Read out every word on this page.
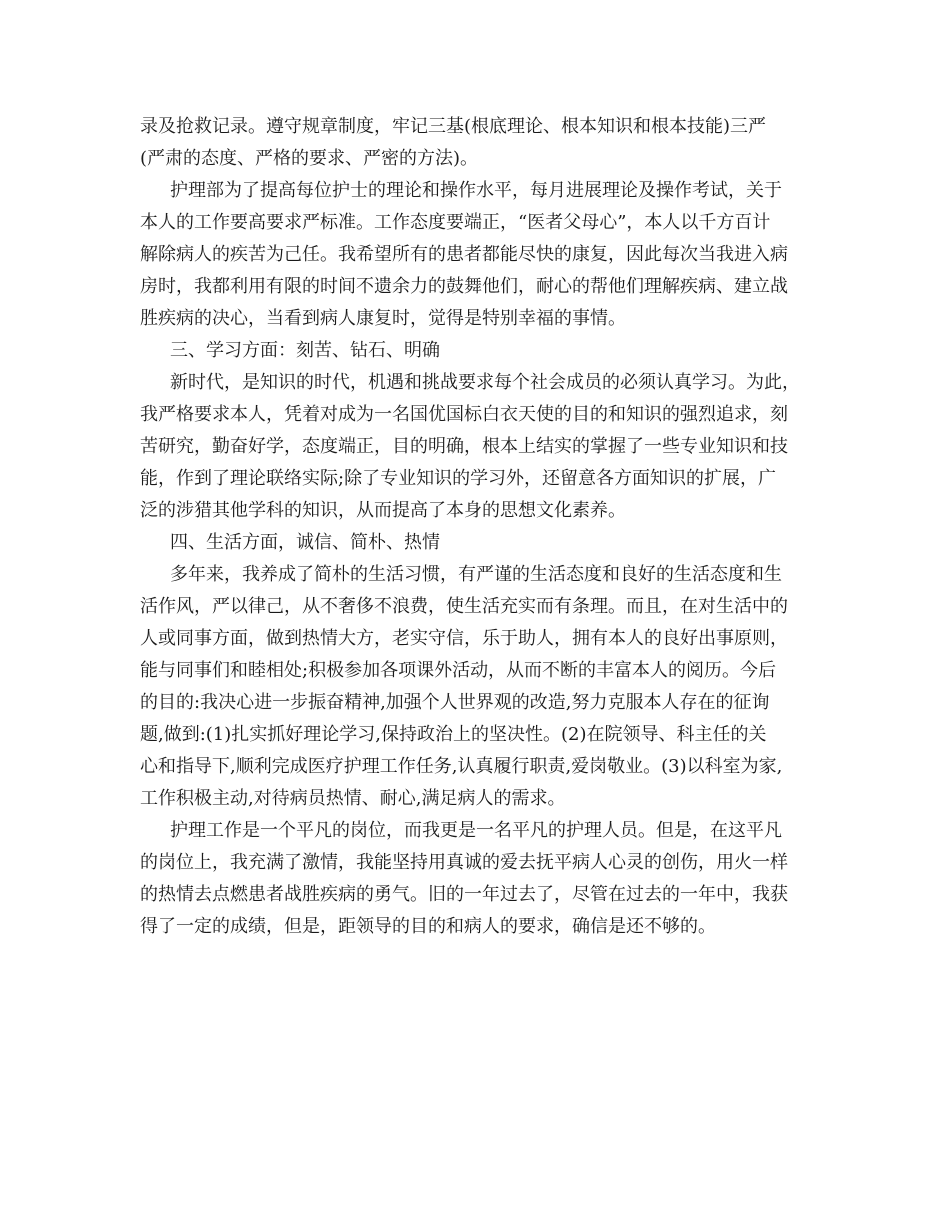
录及抢救记录。遵守规章制度，牢记三基(根底理论、根本知识和根本技能)三严
(严肃的态度、严格的要求、严密的方法)。
护理部为了提高每位护士的理论和操作水平，每月进展理论及操作考试，关于
本人的工作要高要求严标准。工作态度要端正，“医者父母心”，本人以千方百计
解除病人的疾苦为己任。我希望所有的患者都能尽快的康复，因此每次当我进入病
房时，我都利用有限的时间不遗余力的鼓舞他们，耐心的帮他们理解疾病、建立战
胜疾病的决心，当看到病人康复时，觉得是特别幸福的事情。
三、学习方面：刻苦、钻石、明确
新时代，是知识的时代，机遇和挑战要求每个社会成员的必须认真学习。为此，
我严格要求本人，凭着对成为一名国优国标白衣天使的目的和知识的强烈追求，刻
苦研究，勤奋好学，态度端正，目的明确，根本上结实的掌握了一些专业知识和技
能，作到了理论联络实际;除了专业知识的学习外，还留意各方面知识的扩展，广
泛的涉猎其他学科的知识，从而提高了本身的思想文化素养。
四、生活方面，诚信、简朴、热情
多年来，我养成了简朴的生活习惯，有严谨的生活态度和良好的生活态度和生
活作风，严以律己，从不奢侈不浪费，使生活充实而有条理。而且，在对生活中的
人或同事方面，做到热情大方，老实守信，乐于助人，拥有本人的良好出事原则，
能与同事们和睦相处;积极参加各项课外活动，从而不断的丰富本人的阅历。今后
的目的:我决心进一步振奋精神,加强个人世界观的改造,努力克服本人存在的征询
题,做到:(1)扎实抓好理论学习,保持政治上的坚决性。(2)在院领导、科主任的关
心和指导下,顺利完成医疗护理工作任务,认真履行职责,爱岗敬业。(3)以科室为家,
工作积极主动,对待病员热情、耐心,满足病人的需求。
护理工作是一个平凡的岗位，而我更是一名平凡的护理人员。但是，在这平凡
的岗位上，我充满了激情，我能坚持用真诚的爱去抚平病人心灵的创伤，用火一样
的热情去点燃患者战胜疾病的勇气。旧的一年过去了，尽管在过去的一年中，我获
得了一定的成绩，但是，距领导的目的和病人的要求，确信是还不够的。
